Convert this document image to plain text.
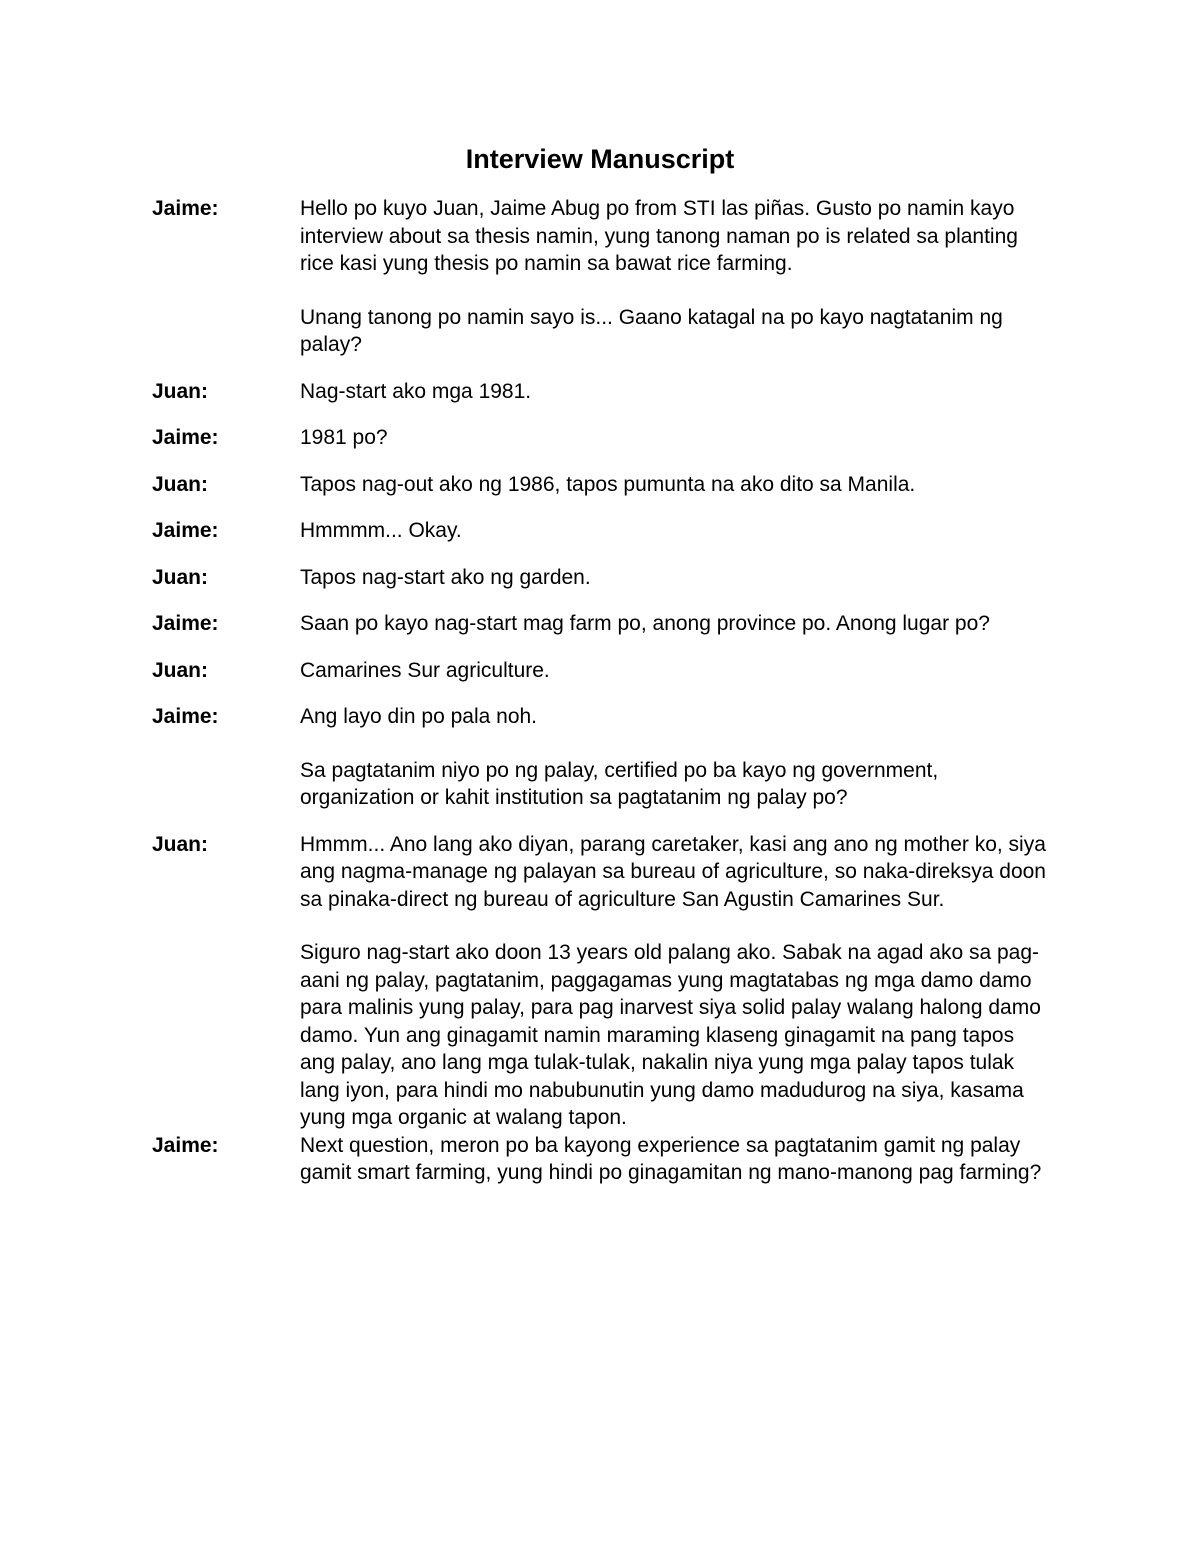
Interview Manuscript
Jaime:	Hello po kuyo Juan, Jaime Abug po from STI las piñas. Gusto po namin kayo interview about sa thesis namin, yung tanong naman po is related sa planting rice kasi yung thesis po namin sa bawat rice farming.

Unang tanong po namin sayo is... Gaano katagal na po kayo nagtatanim ng palay?

Juan:	Nag-start ako mga 1981.

Jaime:	1981 po?

Juan:	Tapos nag-out ako ng 1986, tapos pumunta na ako dito sa Manila.

Jaime:	Hmmmm... Okay.

Juan:	Tapos nag-start ako ng garden.

Jaime:	Saan po kayo nag-start mag farm po, anong province po. Anong lugar po?

Juan:	Camarines Sur agriculture.

Jaime:	Ang layo din po pala noh.

Sa pagtatanim niyo po ng palay, certified po ba kayo ng government, organization or kahit institution sa pagtatanim ng palay po?

Juan:	Hmmm... Ano lang ako diyan, parang caretaker, kasi ang ano ng mother ko, siya ang nagma-manage ng palayan sa bureau of agriculture, so naka-direksya doon sa pinaka-direct ng bureau of agriculture San Agustin Camarines Sur.

Siguro nag-start ako doon 13 years old palang ako. Sabak na agad ako sa pag-aani ng palay, pagtatanim, paggagamas yung magtatabas ng mga damo damo para malinis yung palay, para pag inarvest siya solid palay walang halong damo damo. Yun ang ginagamit namin maraming klaseng ginagamit na pang tapos ang palay, ano lang mga tulak-tulak, nakalin niya yung mga palay tapos tulak lang iyon, para hindi mo nabubunutin yung damo madudurog na siya, kasama yung mga organic at walang tapon.

Jaime:	Next question, meron po ba kayong experience sa pagtatanim gamit ng palay gamit smart farming, yung hindi po ginagamitan ng mano-manong pag farming?
